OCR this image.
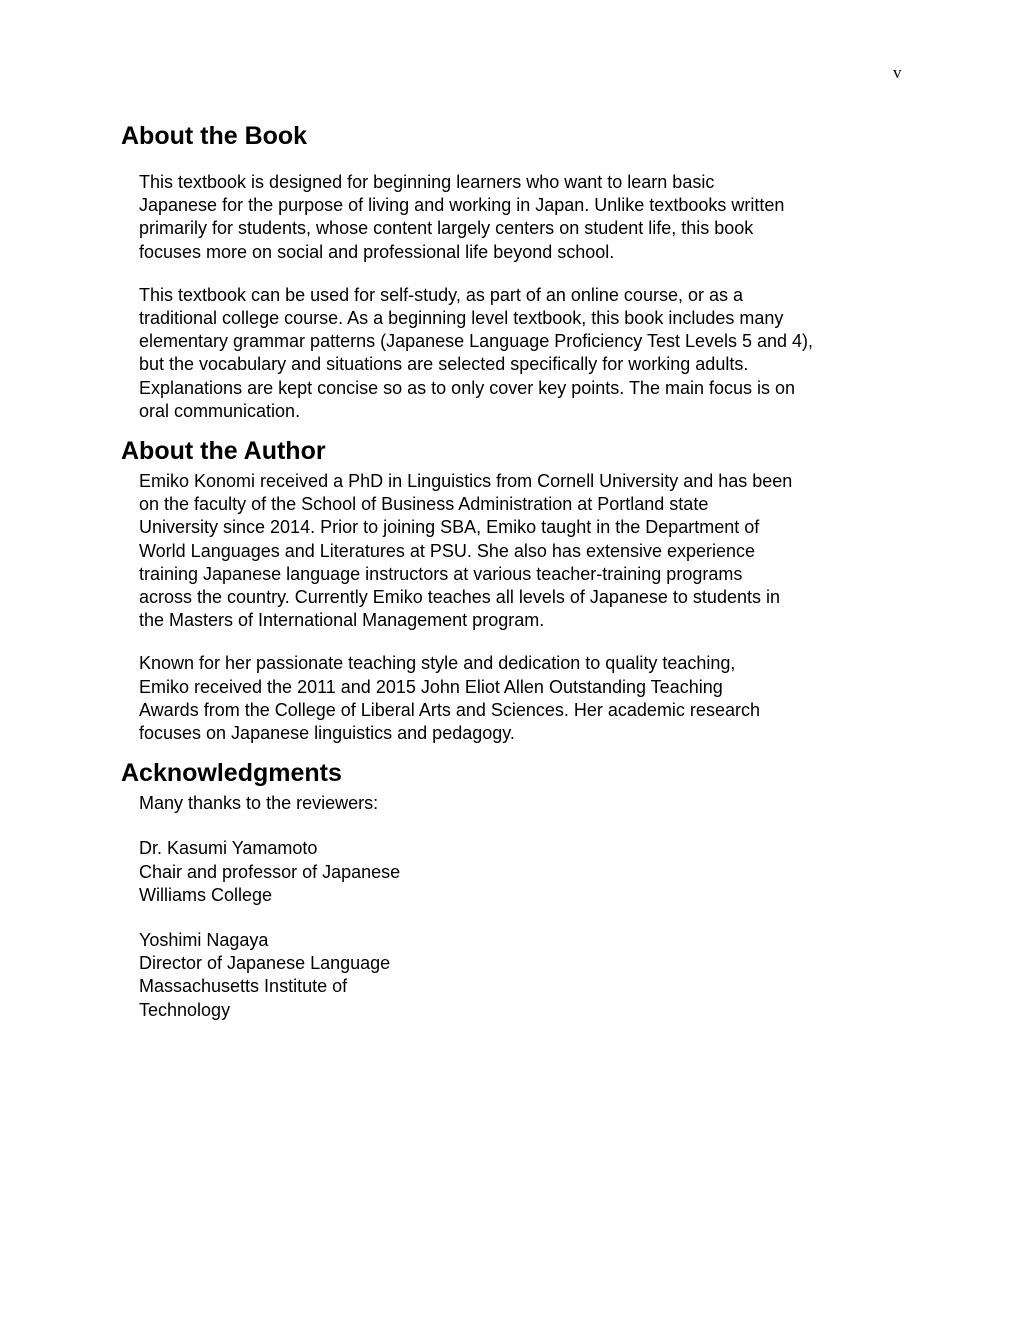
v
About the Book

This textbook is designed for beginning learners who want to learn basic
Japanese for the purpose of living and working in Japan. Unlike textbooks written
primarily for students, whose content largely centers on student life, this book
focuses more on social and professional life beyond school.

This textbook can be used for self-study, as part of an online course, or as a
traditional college course. As a beginning level textbook, this book includes many
elementary grammar patterns (Japanese Language Proficiency Test Levels 5 and 4),
but the vocabulary and situations are selected specifically for working adults.
Explanations are kept concise so as to only cover key points. The main focus is on
oral communication.

About the Author

Emiko Konomi received a PhD in Linguistics from Cornell University and has been
on the faculty of the School of Business Administration at Portland state
University since 2014. Prior to joining SBA, Emiko taught in the Department of
World Languages and Literatures at PSU. She also has extensive experience
training Japanese language instructors at various teacher-training programs
across the country. Currently Emiko teaches all levels of Japanese to students in
the Masters of International Management program.

Known for her passionate teaching style and dedication to quality teaching,
Emiko received the 2011 and 2015 John Eliot Allen Outstanding Teaching
Awards from the College of Liberal Arts and Sciences. Her academic research
focuses on Japanese linguistics and pedagogy.

Acknowledgments

Many thanks to the reviewers:

Dr. Kasumi Yamamoto
Chair and professor of Japanese
Williams College

Yoshimi Nagaya
Director of Japanese Language
Massachusetts Institute of
Technology
